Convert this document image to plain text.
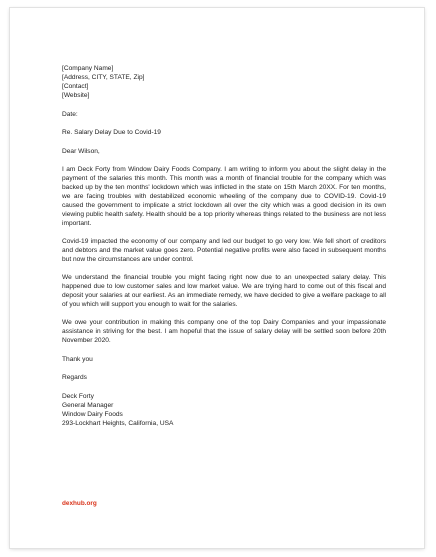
[Company Name]
[Address, CITY, STATE, Zip]
[Contact]
[Website]
Date:
Re. Salary Delay Due to Covid-19
Dear Wilson,

I am Deck Forty from Window Dairy Foods Company. I am writing to inform you about the slight delay in the payment of the salaries this month. This month was a month of financial trouble for the company which was backed up by the ten months' lockdown which was inflicted in the state on 15th March 20XX. For ten months, we are facing troubles with destabilized economic wheeling of the company due to COVID-19. Covid-19 caused the government to implicate a strict lockdown all over the city which was a good decision in its own viewing public health safety. Health should be a top priority whereas things related to the business are not less important.

Covid-19 impacted the economy of our company and led our budget to go very low. We fell short of creditors and debtors and the market value goes zero. Potential negative profits were also faced in subsequent months but now the circumstances are under control.

We understand the financial trouble you might facing right now due to an unexpected salary delay. This happened due to low customer sales and low market value. We are trying hard to come out of this fiscal and deposit your salaries at our earliest. As an immediate remedy, we have decided to give a welfare package to all of you which will support you enough to wait for the salaries.

We owe your contribution in making this company one of the top Dairy Companies and your impassionate assistance in striving for the best. I am hopeful that the issue of salary delay will be settled soon before 20th November 2020.

Thank you
Regards
Deck Forty
General Manager
Window Dairy Foods
293-Lockhart Heights, California, USA
dexhub.org
